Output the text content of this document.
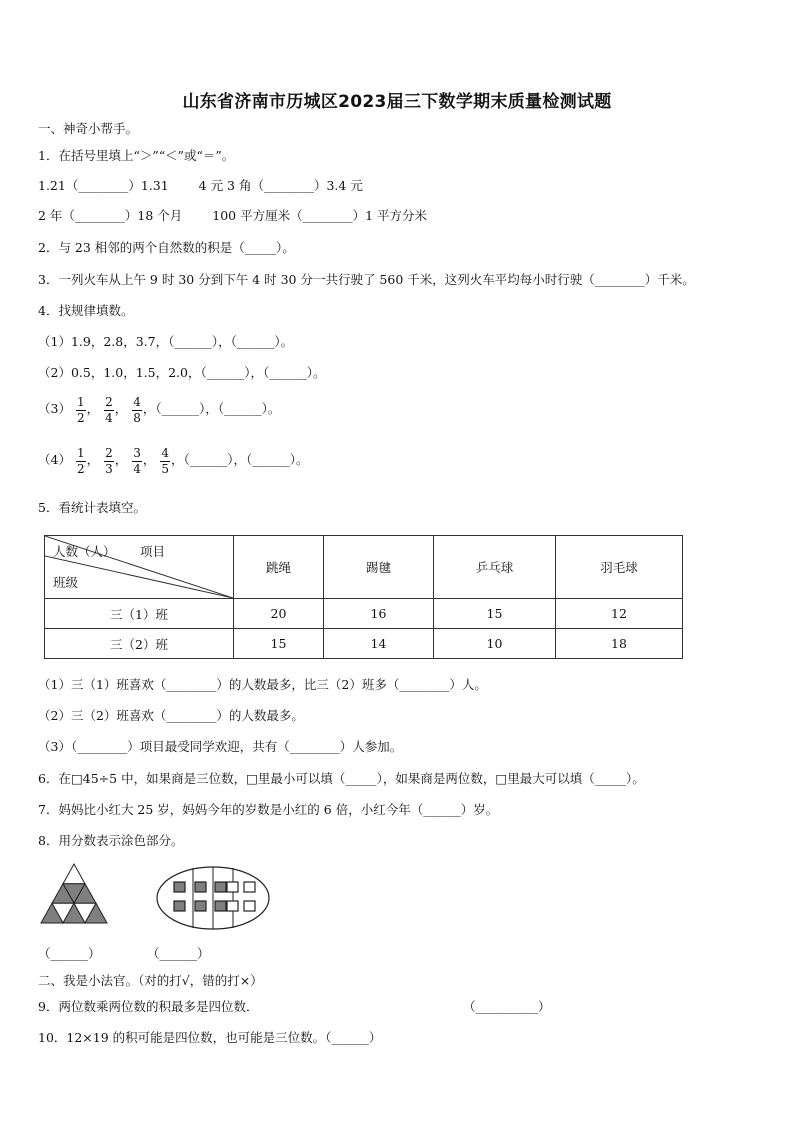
山东省济南市历城区2023届三下数学期末质量检测试题
一、神奇小帮手。
1．在括号里填上“＞”“＜”或“＝”。
1.21（________）1.31 4 元 3 角（________）3.4 元
2 年（________）18 个月 100 平方厘米（________）1 平方分米
2．与 23 相邻的两个自然数的积是（_____）。
3．一列火车从上午 9 时 30 分到下午 4 时 30 分一共行驶了 560 千米，这列火车平均每小时行驶（________）千米。
4．找规律填数。
（1）1.9，2.8，3.7，（______），（______）。
（2）0.5，1.0，1.5，2.0，（______），（______）。
$(3) \frac{1}{2}$ ， $\frac{2}{4}$ ， $\frac{4}{8}$ ，（______），（______）。
$(4) \frac{1}{2}$ ， $\frac{2}{3}$ ， $\frac{3}{4}$ ， $\frac{4}{5}$ ，（______），（______）。
5．看统计表填空。
人数（人） 项目
班级	跳绳	踢毽	乒乓球	羽毛球
三（1）班	20	16	15	12
三（2）班	15	14	10	18
（1）三（1）班喜欢（________）的人数最多，比三（2）班多（________）人。
（2）三（2）班喜欢（________）的人数最多。
（3）（________）项目最受同学欢迎，共有（________）人参加。
6．在□45÷5 中，如果商是三位数，□里最小可以填（_____），如果商是两位数，□里最大可以填（_____）。
7．妈妈比小红大 25 岁，妈妈今年的岁数是小红的 6 倍，小红今年（______）岁。
8．用分数表示涂色部分。
（______）	（______）
二、我是小法官。（对的打√，错的打×）
9．两位数乘两位数的积最多是四位数．	（__________）
10．12×19 的积可能是四位数，也可能是三位数。（______）
